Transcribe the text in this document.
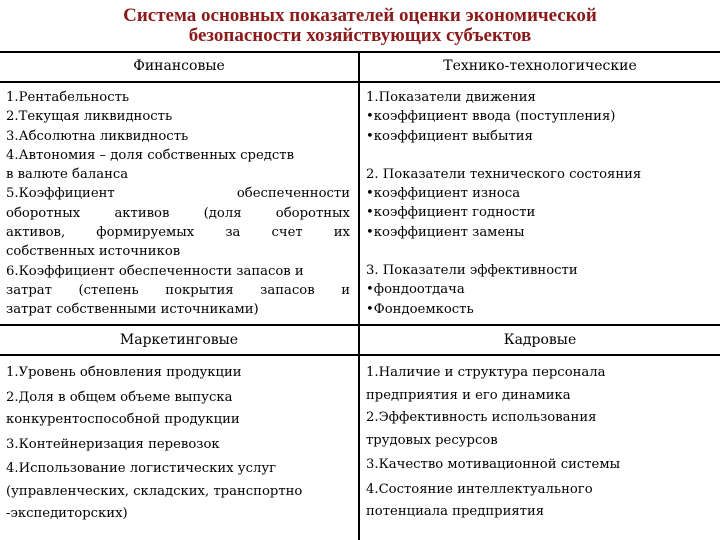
Система основных показателей оценки экономической
безопасности хозяйствующих субъектов
Финансовые	Технико-технологические
Маркетинговые	Кадровые
1.Рентабельность
2.Текущая ликвидность
3.Абсолютна ликвидность
4.Автономия – доля собственных средств
в валюте баланса
5.Коэффициент обеспеченности
оборотных активов (доля оборотных
активов, формируемых за счет их
собственных источников
6.Коэффициент обеспеченности запасов и
затрат (степень покрытия запасов и
затрат собственными источниками)
1.Показатели движения
•коэффициент ввода (поступления)
•коэффициент выбытия
2. Показатели технического состояния
•коэффициент износа
•коэффициент годности
•коэффициент замены
3. Показатели эффективности
•фондоотдача
•Фондоемкость
1.Уровень обновления продукции
2.Доля в общем объеме выпуска
конкурентоспособной продукции
3.Контейнеризация перевозок
4.Использование логистических услуг
(управленческих, складских, транспортно
-экспедиторских)
1.Наличие и структура персонала
предприятия и его динамика
2.Эффективность использования
трудовых ресурсов
3.Качество мотивационной системы
4.Состояние интеллектуального
потенциала предприятия
